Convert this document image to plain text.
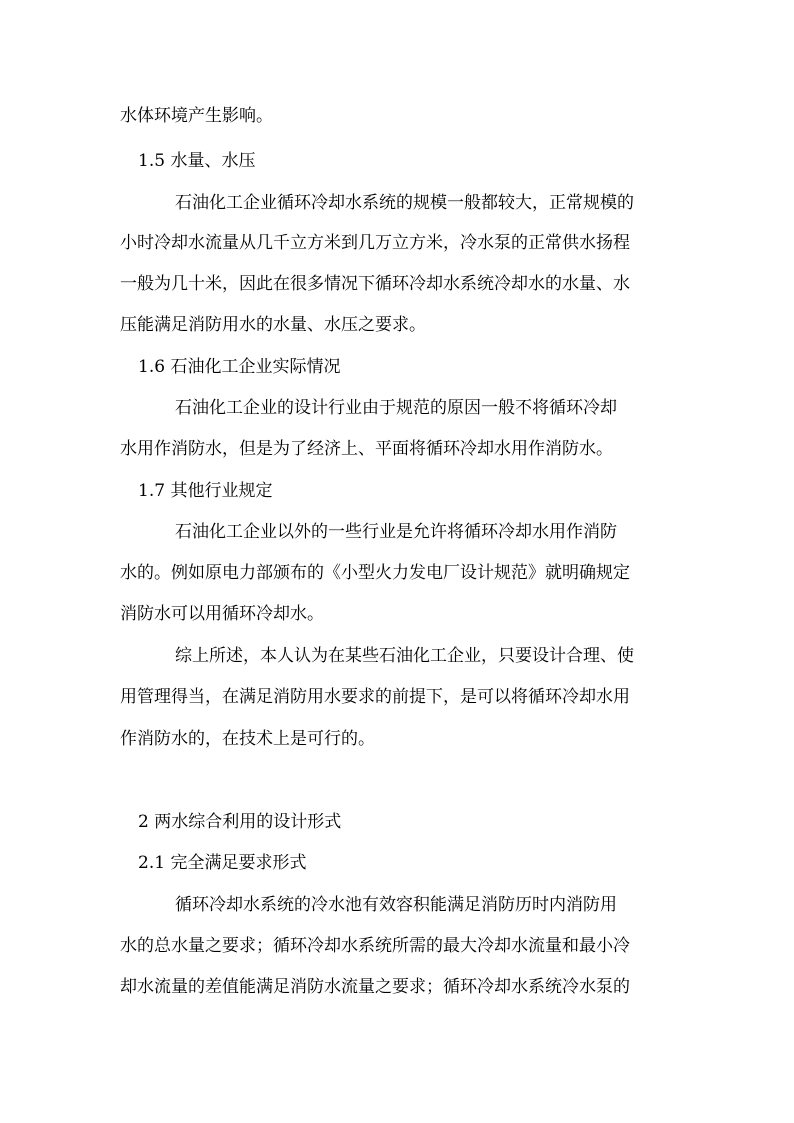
水体环境产生影响。
1.5 水量、水压
石油化工企业循环冷却水系统的规模一般都较大，正常规模的
小时冷却水流量从几千立方米到几万立方米，冷水泵的正常供水扬程
一般为几十米，因此在很多情况下循环冷却水系统冷却水的水量、水
压能满足消防用水的水量、水压之要求。
1.6 石油化工企业实际情况
石油化工企业的设计行业由于规范的原因一般不将循环冷却
水用作消防水，但是为了经济上、平面将循环冷却水用作消防水。
1.7 其他行业规定
石油化工企业以外的一些行业是允许将循环冷却水用作消防
水的。例如原电力部颁布的《小型火力发电厂设计规范》就明确规定
消防水可以用循环冷却水。
综上所述，本人认为在某些石油化工企业，只要设计合理、使
用管理得当，在满足消防用水要求的前提下，是可以将循环冷却水用
作消防水的，在技术上是可行的。
2 两水综合利用的设计形式
2.1 完全满足要求形式
循环冷却水系统的冷水池有效容积能满足消防历时内消防用
水的总水量之要求；循环冷却水系统所需的最大冷却水流量和最小冷
却水流量的差值能满足消防水流量之要求；循环冷却水系统冷水泵的
